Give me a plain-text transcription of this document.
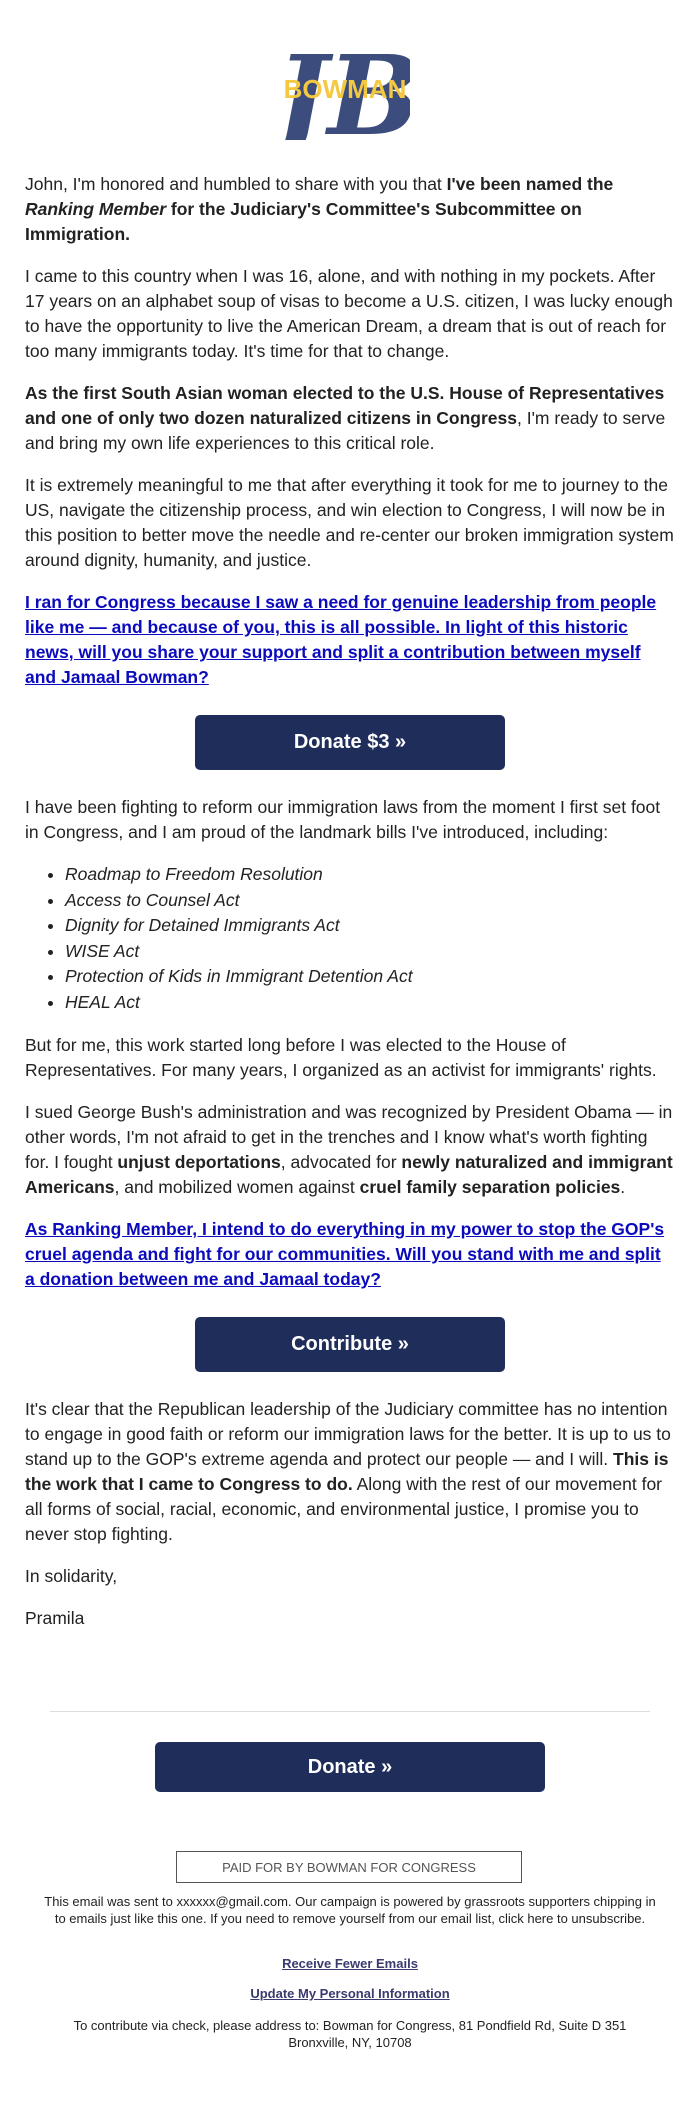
J
BOWMAN

John, I'm honored and humbled to share with you that I've been named the Ranking Member for the Judiciary's Committee's Subcommittee on Immigration.

I came to this country when I was 16, alone, and with nothing in my pockets. After 17 years on an alphabet soup of visas to become a U.S. citizen, I was lucky enough to have the opportunity to live the American Dream, a dream that is out of reach for too many immigrants today. It's time for that to change.

As the first South Asian woman elected to the U.S. House of Representatives and one of only two dozen naturalized citizens in Congress, I'm ready to serve and bring my own life experiences to this critical role.

It is extremely meaningful to me that after everything it took for me to journey to the US, navigate the citizenship process, and win election to Congress, I will now be in this position to better move the needle and re-center our broken immigration system around dignity, humanity, and justice.

I ran for Congress because I saw a need for genuine leadership from people like me — and because of you, this is all possible. In light of this historic news, will you share your support and split a contribution between myself and Jamaal Bowman?

Donate $3 »

I have been fighting to reform our immigration laws from the moment I first set foot in Congress, and I am proud of the landmark bills I've introduced, including:

• Roadmap to Freedom Resolution
• Access to Counsel Act
• Dignity for Detained Immigrants Act
• WISE Act
• Protection of Kids in Immigrant Detention Act
• HEAL Act

But for me, this work started long before I was elected to the House of Representatives. For many years, I organized as an activist for immigrants' rights.

I sued George Bush's administration and was recognized by President Obama — in other words, I'm not afraid to get in the trenches and I know what's worth fighting for. I fought unjust deportations, advocated for newly naturalized and immigrant Americans, and mobilized women against cruel family separation policies.

As Ranking Member, I intend to do everything in my power to stop the GOP's cruel agenda and fight for our communities. Will you stand with me and split a donation between me and Jamaal today?

Contribute »

It's clear that the Republican leadership of the Judiciary committee has no intention to engage in good faith or reform our immigration laws for the better. It is up to us to stand up to the GOP's extreme agenda and protect our people — and I will. This is the work that I came to Congress to do. Along with the rest of our movement for all forms of social, racial, economic, and environmental justice, I promise you to never stop fighting.

In solidarity,

Pramila

Donate »
PAID FOR BY BOWMAN FOR CONGRESS
This email was sent to xxxxxx@gmail.com. Our campaign is powered by grassroots supporters chipping in to emails just like this one. If you need to remove yourself from our email list, click here to unsubscribe.
Receive Fewer Emails
Update My Personal Information
To contribute via check, please address to: Bowman for Congress, 81 Pondfield Rd, Suite D 351
Bronxville, NY, 10708
